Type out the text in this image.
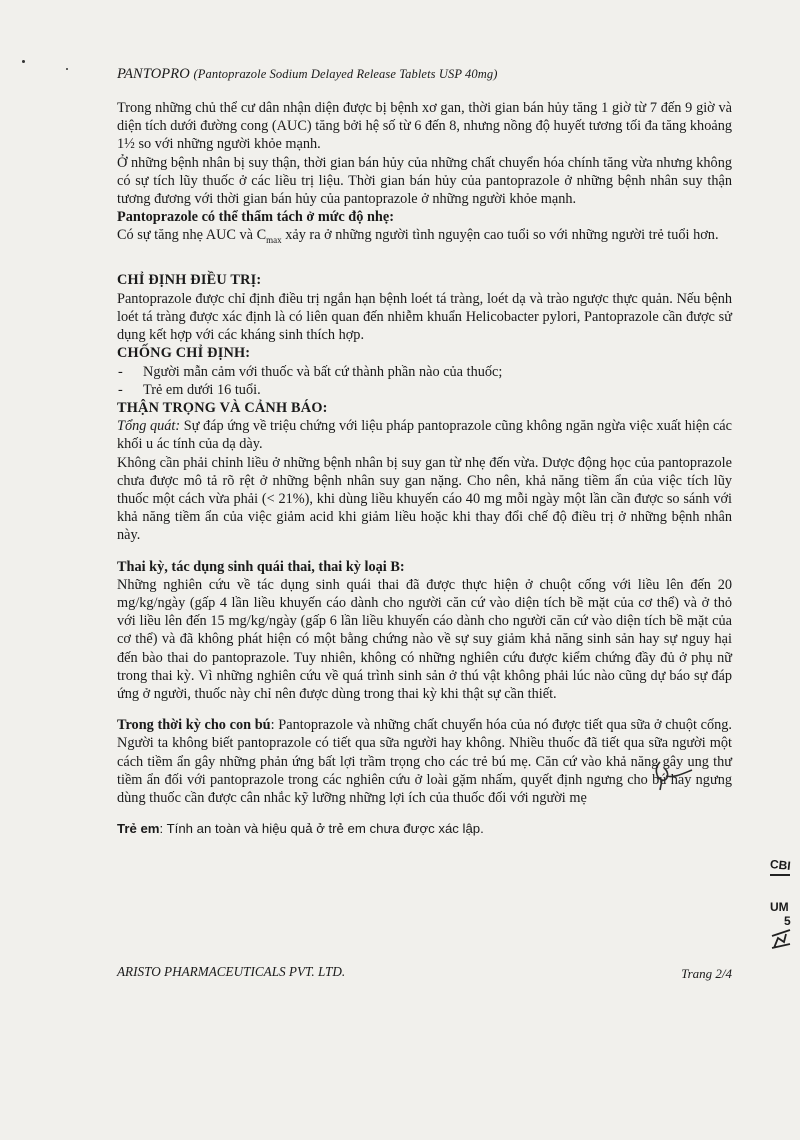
PANTOPRO (Pantoprazole Sodium Delayed Release Tablets USP 40mg)

Trong những chủ thể cư dân nhận diện được bị bệnh xơ gan, thời gian bán hủy tăng 1 giờ từ 7 đến 9 giờ và diện tích dưới đường cong (AUC) tăng bởi hệ số từ 6 đến 8, nhưng nồng độ huyết tương tối đa tăng khoảng 1½ so với những người khỏe mạnh.

Ở những bệnh nhân bị suy thận, thời gian bán hủy của những chất chuyển hóa chính tăng vừa nhưng không có sự tích lũy thuốc ở các liều trị liệu. Thời gian bán hủy của pantoprazole ở những bệnh nhân suy thận tương đương với thời gian bán hủy của pantoprazole ở những người khỏe mạnh.

Pantoprazole có thể thẩm tách ở mức độ nhẹ:

Có sự tăng nhẹ AUC và $C_{max}$ xảy ra ở những người tình nguyện cao tuổi so với những người trẻ tuổi hơn.

CHỈ ĐỊNH ĐIỀU TRỊ:

Pantoprazole được chỉ định điều trị ngắn hạn bệnh loét tá tràng, loét dạ và trào ngược thực quản. Nếu bệnh loét tá tràng được xác định là có liên quan đến nhiễm khuẩn Helicobacter pylori, Pantoprazole cần được sử dụng kết hợp với các kháng sinh thích hợp.

CHỐNG CHỈ ĐỊNH:

- Người mẫn cảm với thuốc và bất cứ thành phần nào của thuốc;
- Trẻ em dưới 16 tuổi.

THẬN TRỌNG VÀ CẢNH BÁO:

Tổng quát: Sự đáp ứng về triệu chứng với liệu pháp pantoprazole cũng không ngăn ngừa việc xuất hiện các khối u ác tính của dạ dày.

Không cần phải chỉnh liều ở những bệnh nhân bị suy gan từ nhẹ đến vừa. Dược động học của pantoprazole chưa được mô tả rõ rệt ở những bệnh nhân suy gan nặng. Cho nên, khả năng tiềm ẩn của việc tích lũy thuốc một cách vừa phải (< 21%), khi dùng liều khuyến cáo 40 mg mỗi ngày một lần cần được so sánh với khả năng tiềm ẩn của việc giảm acid khi giảm liều hoặc khi thay đổi chế độ điều trị ở những bệnh nhân này.

Thai kỳ, tác dụng sinh quái thai, thai kỳ loại B:

Những nghiên cứu về tác dụng sinh quái thai đã được thực hiện ở chuột cống với liều lên đến 20 mg/kg/ngày (gấp 4 lần liều khuyến cáo dành cho người căn cứ vào diện tích bề mặt của cơ thể) và ở thỏ với liều lên đến 15 mg/kg/ngày (gấp 6 lần liều khuyến cáo dành cho người căn cứ vào diện tích bề mặt của cơ thể) và đã không phát hiện có một bằng chứng nào về sự suy giảm khả năng sinh sản hay sự nguy hại đến bào thai do pantoprazole. Tuy nhiên, không có những nghiên cứu được kiểm chứng đầy đủ ở phụ nữ trong thai kỳ. Vì những nghiên cứu về quá trình sinh sản ở thú vật không phải lúc nào cũng dự báo sự đáp ứng ở người, thuốc này chỉ nên được dùng trong thai kỳ khi thật sự cần thiết.

Trong thời kỳ cho con bú: Pantoprazole và những chất chuyển hóa của nó được tiết qua sữa ở chuột cống. Người ta không biết pantoprazole có tiết qua sữa người hay không. Nhiều thuốc đã tiết qua sữa người một cách tiềm ẩn gây những phản ứng bất lợi trầm trọng cho các trẻ bú mẹ. Căn cứ vào khả năng gây ung thư tiềm ẩn đối với pantoprazole trong các nghiên cứu ở loài gặm nhấm, quyết định ngưng cho bú hay ngưng dùng thuốc cần được cân nhắc kỹ lưỡng những lợi ích của thuốc đối với người mẹ

Trẻ em: Tính an toàn và hiệu quả ở trẻ em chưa được xác lập.

CBI
UM
5
ARISTO PHARMACEUTICALS PVT. LTD.	Trang 2/4
